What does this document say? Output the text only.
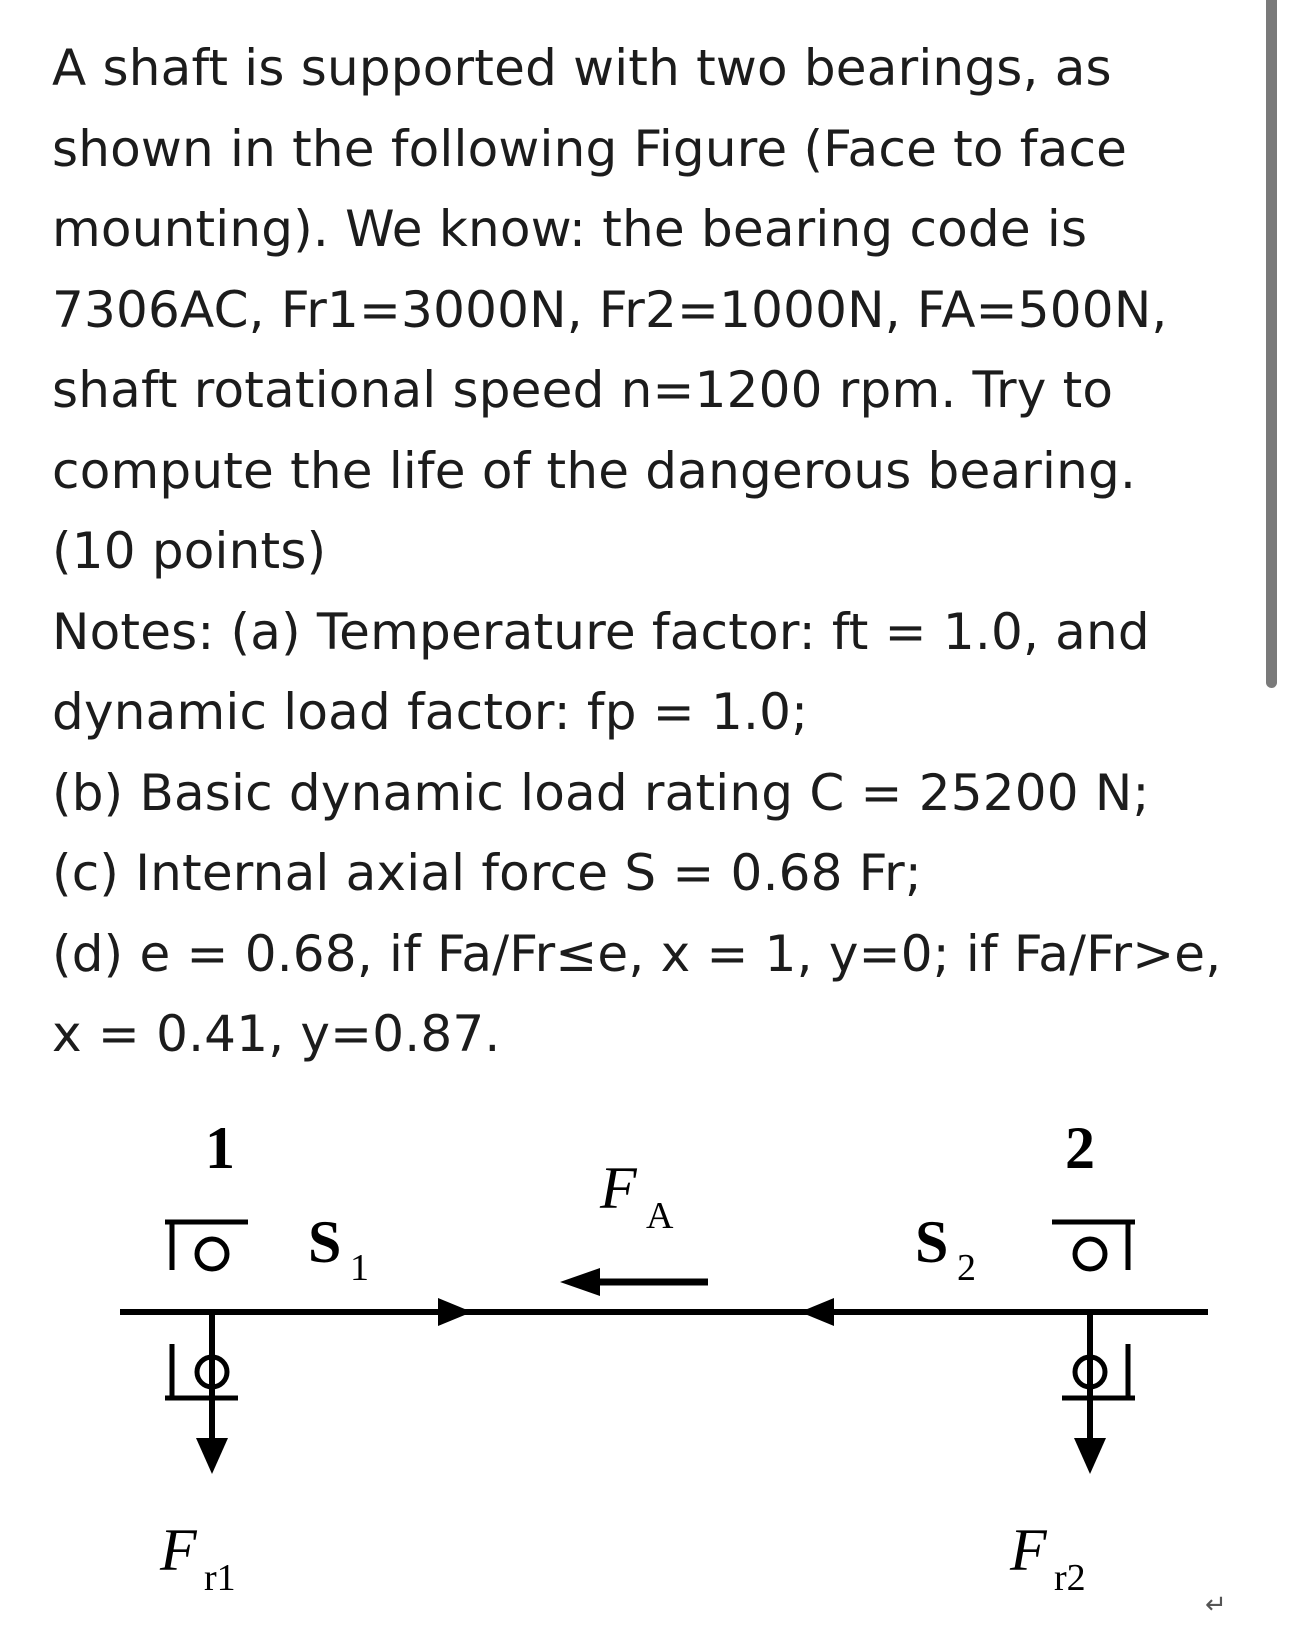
A shaft is supported with two bearings, as
shown in the following Figure (Face to face
mounting). We know: the bearing code is
7306AC, Fr1=3000N, Fr2=1000N, FA=500N,
shaft rotational speed n=1200 rpm. Try to
compute the life of the dangerous bearing.
(10 points)
Notes: (a) Temperature factor: ft = 1.0, and
dynamic load factor: fp = 1.0;
(b) Basic dynamic load rating C = 25200 N;
(c) Internal axial force S = 0.68 Fr;
(d) e = 0.68, if Fa/Fr≤e, x = 1, y=0; if Fa/Fr>e,
x = 0.41, y=0.87.
1	2
S 1	S 2
F A
F r1	F r2
↵
